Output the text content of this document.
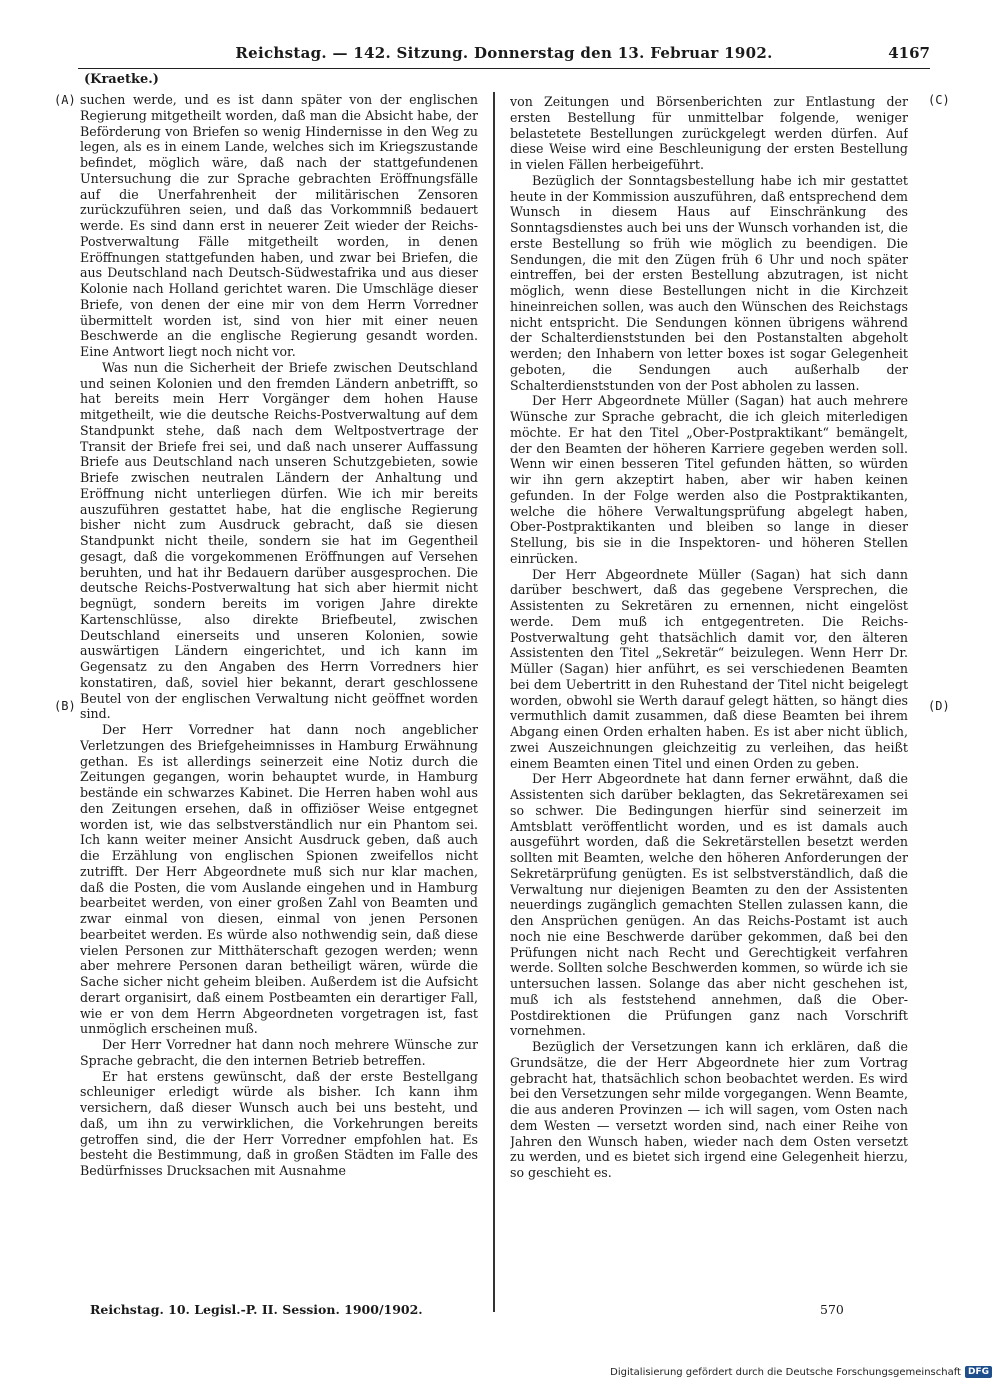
Reichstag. — 142. Sitzung. Donnerstag den 13. Februar 1902.	4167
(Kraetke.)
(A)
(B)
(C)
(D)

suchen werde, und es ist dann später von der englischen Regierung mitgetheilt worden, daß man die Absicht habe, der Beförderung von Briefen so wenig Hindernisse in den Weg zu legen, als es in einem Lande, welches sich im Kriegszustande befindet, möglich wäre, daß nach der stattgefundenen Untersuchung die zur Sprache gebrachten Eröffnungsfälle auf die Unerfahrenheit der militärischen Zensoren zurückzuführen seien, und daß das Vorkommniß bedauert werde. Es sind dann erst in neuerer Zeit wieder der Reichs-Postverwaltung Fälle mitgetheilt worden, in denen Eröffnungen stattgefunden haben, und zwar bei Briefen, die aus Deutschland nach Deutsch-Südwestafrika und aus dieser Kolonie nach Holland gerichtet waren. Die Umschläge dieser Briefe, von denen der eine mir von dem Herrn Vorredner übermittelt worden ist, sind von hier mit einer neuen Beschwerde an die englische Regierung gesandt worden. Eine Antwort liegt noch nicht vor.

Was nun die Sicherheit der Briefe zwischen Deutschland und seinen Kolonien und den fremden Ländern anbetrifft, so hat bereits mein Herr Vorgänger dem hohen Hause mitgetheilt, wie die deutsche Reichs-Postverwaltung auf dem Standpunkt stehe, daß nach dem Weltpostvertrage der Transit der Briefe frei sei, und daß nach unserer Auffassung Briefe aus Deutschland nach unseren Schutzgebieten, sowie Briefe zwischen neutralen Ländern der Anhaltung und Eröffnung nicht unterliegen dürfen. Wie ich mir bereits auszuführen gestattet habe, hat die englische Regierung bisher nicht zum Ausdruck gebracht, daß sie diesen Standpunkt nicht theile, sondern sie hat im Gegentheil gesagt, daß die vorgekommenen Eröffnungen auf Versehen beruhten, und hat ihr Bedauern darüber ausgesprochen. Die deutsche Reichs-Postverwaltung hat sich aber hiermit nicht begnügt, sondern bereits im vorigen Jahre direkte Kartenschlüsse, also direkte Briefbeutel, zwischen Deutschland einerseits und unseren Kolonien, sowie auswärtigen Ländern eingerichtet, und ich kann im Gegensatz zu den Angaben des Herrn Vorredners hier konstatiren, daß, soviel hier bekannt, derart geschlossene Beutel von der englischen Verwaltung nicht geöffnet worden sind.

Der Herr Vorredner hat dann noch angeblicher Verletzungen des Briefgeheimnisses in Hamburg Erwähnung gethan. Es ist allerdings seinerzeit eine Notiz durch die Zeitungen gegangen, worin behauptet wurde, in Hamburg bestände ein schwarzes Kabinet. Die Herren haben wohl aus den Zeitungen ersehen, daß in offiziöser Weise entgegnet worden ist, wie das selbstverständlich nur ein Phantom sei. Ich kann weiter meiner Ansicht Ausdruck geben, daß auch die Erzählung von englischen Spionen zweifellos nicht zutrifft. Der Herr Abgeordnete muß sich nur klar machen, daß die Posten, die vom Auslande eingehen und in Hamburg bearbeitet werden, von einer großen Zahl von Beamten und zwar einmal von diesen, einmal von jenen Personen bearbeitet werden. Es würde also nothwendig sein, daß diese vielen Personen zur Mitthäterschaft gezogen werden; wenn aber mehrere Personen daran betheiligt wären, würde die Sache sicher nicht geheim bleiben. Außerdem ist die Aufsicht derart organisirt, daß einem Postbeamten ein derartiger Fall, wie er von dem Herrn Abgeordneten vorgetragen ist, fast unmöglich erscheinen muß.

Der Herr Vorredner hat dann noch mehrere Wünsche zur Sprache gebracht, die den internen Betrieb betreffen.

Er hat erstens gewünscht, daß der erste Bestellgang schleuniger erledigt würde als bisher. Ich kann ihm versichern, daß dieser Wunsch auch bei uns besteht, und daß, um ihn zu verwirklichen, die Vorkehrungen bereits getroffen sind, die der Herr Vorredner empfohlen hat. Es besteht die Bestimmung, daß in großen Städten im Falle des Bedürfnisses Drucksachen mit Ausnahme

von Zeitungen und Börsenberichten zur Entlastung der ersten Bestellung für unmittelbar folgende, weniger belastetete Bestellungen zurückgelegt werden dürfen. Auf diese Weise wird eine Beschleunigung der ersten Bestellung in vielen Fällen herbeigeführt.

Bezüglich der Sonntagsbestellung habe ich mir gestattet heute in der Kommission auszuführen, daß entsprechend dem Wunsch in diesem Haus auf Einschränkung des Sonntagsdienstes auch bei uns der Wunsch vorhanden ist, die erste Bestellung so früh wie möglich zu beendigen. Die Sendungen, die mit den Zügen früh 6 Uhr und noch später eintreffen, bei der ersten Bestellung abzutragen, ist nicht möglich, wenn diese Bestellungen nicht in die Kirchzeit hineinreichen sollen, was auch den Wünschen des Reichstags nicht entspricht. Die Sendungen können übrigens während der Schalterdienststunden bei den Postanstalten abgeholt werden; den Inhabern von letter boxes ist sogar Gelegenheit geboten, die Sendungen auch außerhalb der Schalterdienststunden von der Post abholen zu lassen.

Der Herr Abgeordnete Müller (Sagan) hat auch mehrere Wünsche zur Sprache gebracht, die ich gleich miterledigen möchte. Er hat den Titel „Ober-Postpraktikant“ bemängelt, der den Beamten der höheren Karriere gegeben werden soll. Wenn wir einen besseren Titel gefunden hätten, so würden wir ihn gern akzeptirt haben, aber wir haben keinen gefunden. In der Folge werden also die Postpraktikanten, welche die höhere Verwaltungsprüfung abgelegt haben, Ober-Postpraktikanten und bleiben so lange in dieser Stellung, bis sie in die Inspektoren- und höheren Stellen einrücken.

Der Herr Abgeordnete Müller (Sagan) hat sich dann darüber beschwert, daß das gegebene Versprechen, die Assistenten zu Sekretären zu ernennen, nicht eingelöst werde. Dem muß ich entgegentreten. Die Reichs-Postverwaltung geht thatsächlich damit vor, den älteren Assistenten den Titel „Sekretär“ beizulegen. Wenn Herr Dr. Müller (Sagan) hier anführt, es sei verschiedenen Beamten bei dem Uebertritt in den Ruhestand der Titel nicht beigelegt worden, obwohl sie Werth darauf gelegt hätten, so hängt dies vermuthlich damit zusammen, daß diese Beamten bei ihrem Abgang einen Orden erhalten haben. Es ist aber nicht üblich, zwei Auszeichnungen gleichzeitig zu verleihen, das heißt einem Beamten einen Titel und einen Orden zu geben.

Der Herr Abgeordnete hat dann ferner erwähnt, daß die Assistenten sich darüber beklagten, das Sekretärexamen sei so schwer. Die Bedingungen hierfür sind seinerzeit im Amtsblatt veröffentlicht worden, und es ist damals auch ausgeführt worden, daß die Sekretärstellen besetzt werden sollten mit Beamten, welche den höheren Anforderungen der Sekretärprüfung genügten. Es ist selbstverständlich, daß die Verwaltung nur diejenigen Beamten zu den der Assistenten neuerdings zugänglich gemachten Stellen zulassen kann, die den Ansprüchen genügen. An das Reichs-Postamt ist auch noch nie eine Beschwerde darüber gekommen, daß bei den Prüfungen nicht nach Recht und Gerechtigkeit verfahren werde. Sollten solche Beschwerden kommen, so würde ich sie untersuchen lassen. Solange das aber nicht geschehen ist, muß ich als feststehend annehmen, daß die Ober-Postdirektionen die Prüfungen ganz nach Vorschrift vornehmen.

Bezüglich der Versetzungen kann ich erklären, daß die Grundsätze, die der Herr Abgeordnete hier zum Vortrag gebracht hat, thatsächlich schon beobachtet werden. Es wird bei den Versetzungen sehr milde vorgegangen. Wenn Beamte, die aus anderen Provinzen — ich will sagen, vom Osten nach dem Westen — versetzt worden sind, nach einer Reihe von Jahren den Wunsch haben, wieder nach dem Osten versetzt zu werden, und es bietet sich irgend eine Gelegenheit hierzu, so geschieht es.

Reichstag. 10. Legisl.-P. II. Session. 1900/1902.	570
Digitalisierung gefördert durch die Deutsche Forschungsgemeinschaft DFG
